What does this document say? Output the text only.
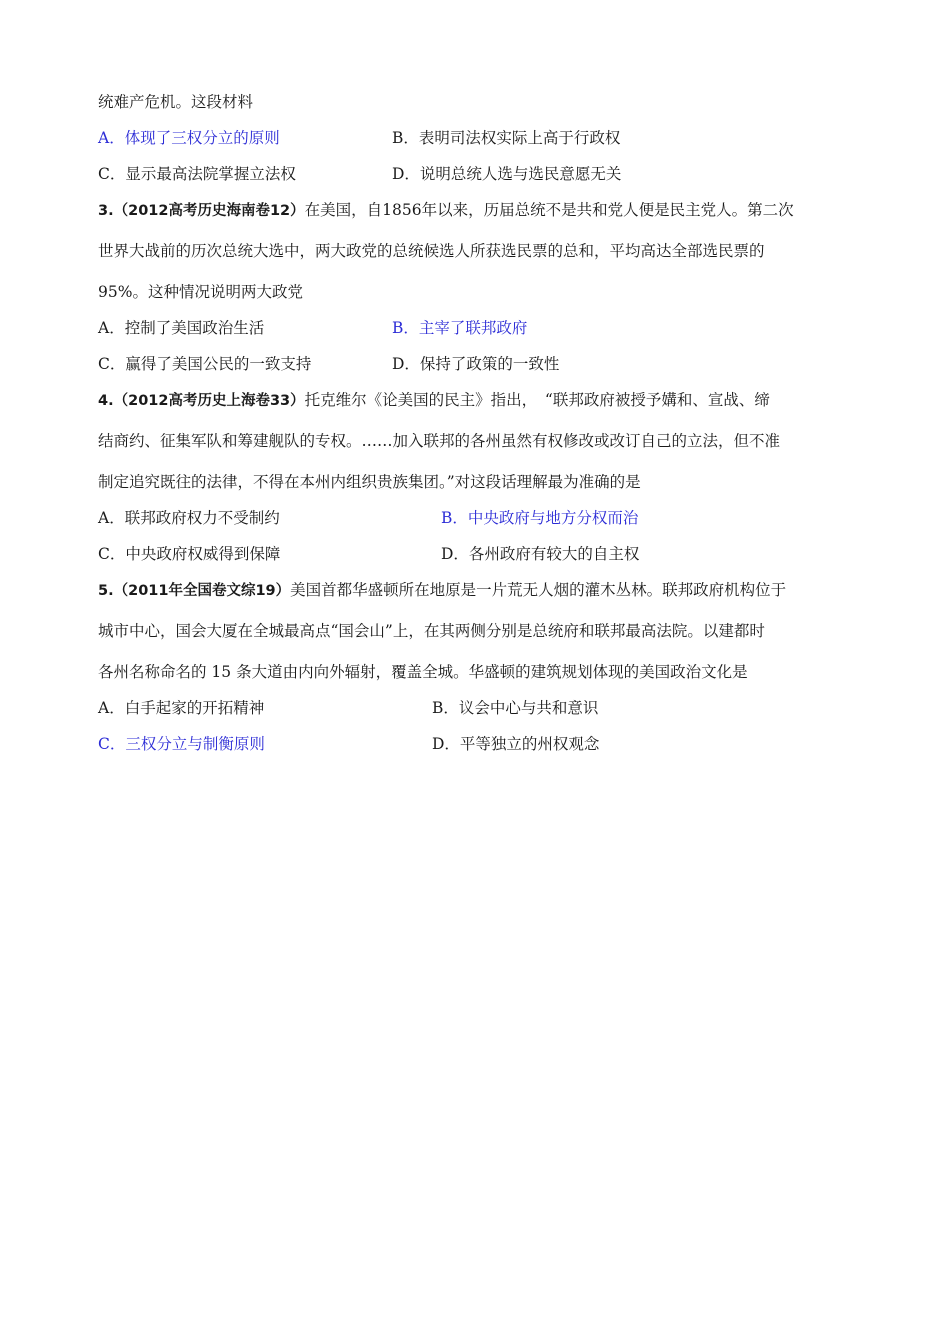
统难产危机。这段材料
A．体现了三权分立的原则	B．表明司法权实际上高于行政权
C．显示最高法院掌握立法权	D．说明总统人选与选民意愿无关
3.（2012高考历史海南卷12）在美国，自1856年以来，历届总统不是共和党人便是民主党人。第二次
世界大战前的历次总统大选中，两大政党的总统候选人所获选民票的总和，平均高达全部选民票的
95%。这种情况说明两大政党
A．控制了美国政治生活	B．主宰了联邦政府
C．赢得了美国公民的一致支持	D．保持了政策的一致性
4.（2012高考历史上海卷33）托克维尔《论美国的民主》指出，　“联邦政府被授予媾和、宣战、缔
结商约、征集军队和筹建舰队的专权。……加入联邦的各州虽然有权修改或改订自己的立法，但不准
制定追究既往的法律，不得在本州内组织贵族集团。”对这段话理解最为准确的是
A．联邦政府权力不受制约	B．中央政府与地方分权而治
C．中央政府权威得到保障	D．各州政府有较大的自主权
5.（2011年全国卷文综19）美国首都华盛顿所在地原是一片荒无人烟的灌木丛林。联邦政府机构位于
城市中心，国会大厦在全城最高点“国会山”上，在其两侧分别是总统府和联邦最高法院。以建都时
各州名称命名的 15 条大道由内向外辐射，覆盖全城。华盛顿的建筑规划体现的美国政治文化是
A．白手起家的开拓精神	B．议会中心与共和意识
C．三权分立与制衡原则	D．平等独立的州权观念
